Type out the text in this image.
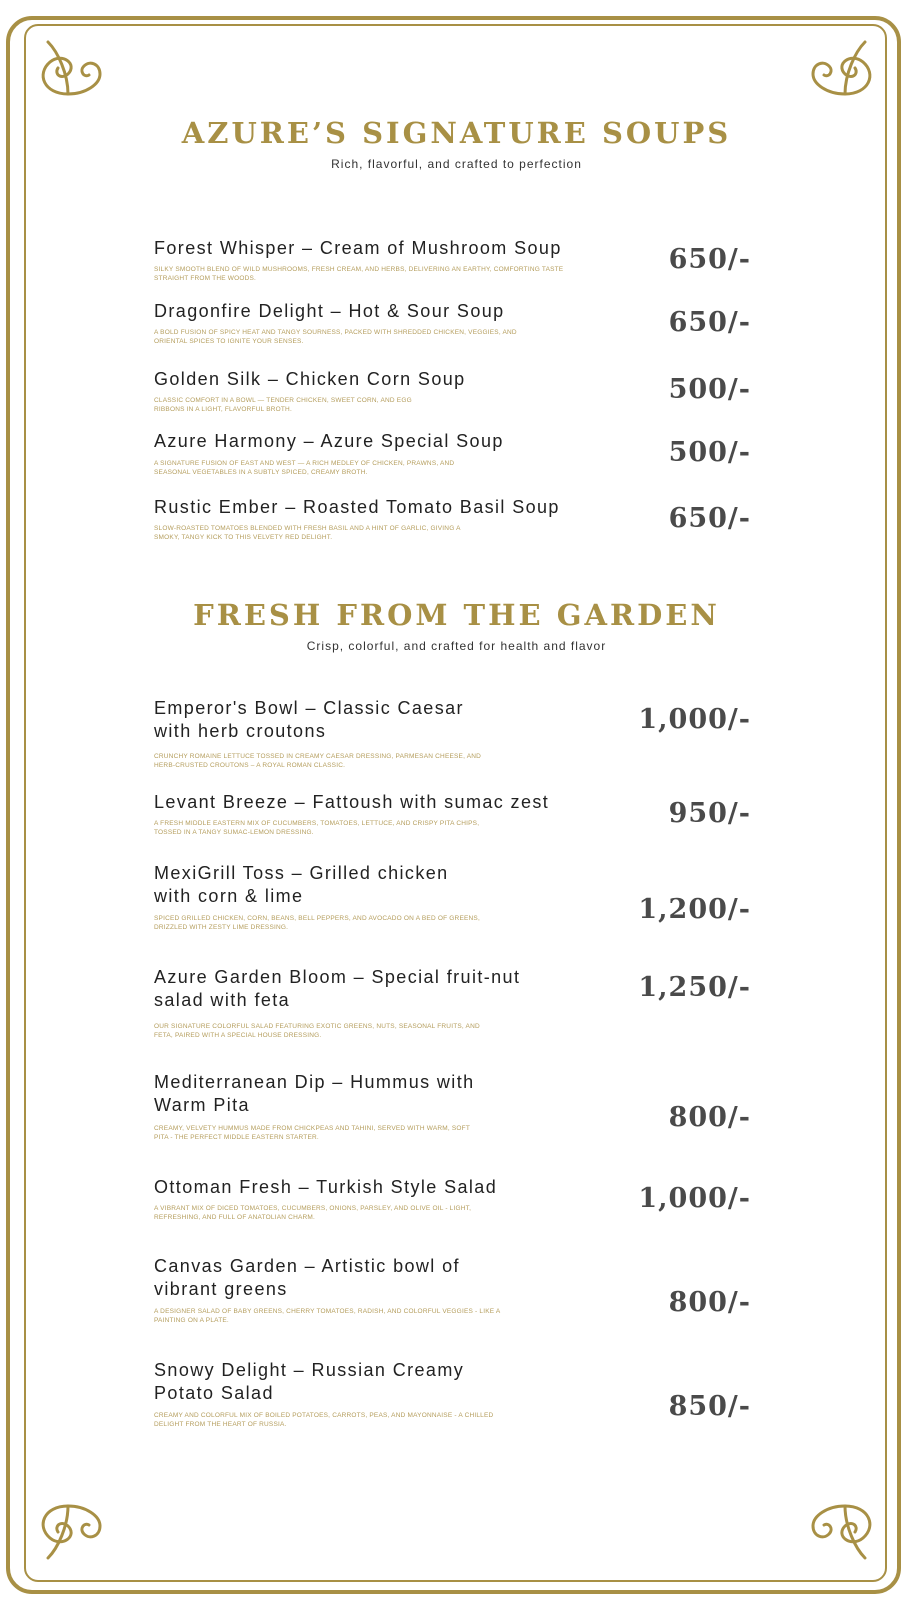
AZURE’S SIGNATURE SOUPS
Rich, flavorful, and crafted to perfection
Forest Whisper – Cream of Mushroom Soup
SILKY SMOOTH BLEND OF WILD MUSHROOMS, FRESH CREAM, AND HERBS, DELIVERING AN EARTHY, COMFORTING TASTE STRAIGHT FROM THE WOODS.
650/-
Dragonfire Delight – Hot & Sour Soup
A BOLD FUSION OF SPICY HEAT AND TANGY SOURNESS, PACKED WITH SHREDDED CHICKEN, VEGGIES, AND ORIENTAL SPICES TO IGNITE YOUR SENSES.
650/-
Golden Silk – Chicken Corn Soup
CLASSIC COMFORT IN A BOWL — TENDER CHICKEN, SWEET CORN, AND EGG RIBBONS IN A LIGHT, FLAVORFUL BROTH.
500/-
Azure Harmony – Azure Special Soup
A SIGNATURE FUSION OF EAST AND WEST — A RICH MEDLEY OF CHICKEN, PRAWNS, AND SEASONAL VEGETABLES IN A SUBTLY SPICED, CREAMY BROTH.
500/-
Rustic Ember – Roasted Tomato Basil Soup
SLOW-ROASTED TOMATOES BLENDED WITH FRESH BASIL AND A HINT OF GARLIC, GIVING A SMOKY, TANGY KICK TO THIS VELVETY RED DELIGHT.
650/-
FRESH FROM THE GARDEN
Crisp, colorful, and crafted for health and flavor
Emperor's Bowl – Classic Caesar with herb croutons
CRUNCHY ROMAINE LETTUCE TOSSED IN CREAMY CAESAR DRESSING, PARMESAN CHEESE, AND HERB-CRUSTED CROUTONS – A ROYAL ROMAN CLASSIC.
1,000/-
Levant Breeze – Fattoush with sumac zest
A FRESH MIDDLE EASTERN MIX OF CUCUMBERS, TOMATOES, LETTUCE, AND CRISPY PITA CHIPS, TOSSED IN A TANGY SUMAC-LEMON DRESSING.
950/-
MexiGrill Toss – Grilled chicken with corn & lime
SPICED GRILLED CHICKEN, CORN, BEANS, BELL PEPPERS, AND AVOCADO ON A BED OF GREENS, DRIZZLED WITH ZESTY LIME DRESSING.
1,200/-
Azure Garden Bloom – Special fruit-nut salad with feta
OUR SIGNATURE COLORFUL SALAD FEATURING EXOTIC GREENS, NUTS, SEASONAL FRUITS, AND FETA, PAIRED WITH A SPECIAL HOUSE DRESSING.
1,250/-
Mediterranean Dip – Hummus with Warm Pita
CREAMY, VELVETY HUMMUS MADE FROM CHICKPEAS AND TAHINI, SERVED WITH WARM, SOFT PITA - THE PERFECT MIDDLE EASTERN STARTER.
800/-
Ottoman Fresh – Turkish Style Salad
A VIBRANT MIX OF DICED TOMATOES, CUCUMBERS, ONIONS, PARSLEY, AND OLIVE OIL - LIGHT, REFRESHING, AND FULL OF ANATOLIAN CHARM.
1,000/-
Canvas Garden – Artistic bowl of vibrant greens
A DESIGNER SALAD OF BABY GREENS, CHERRY TOMATOES, RADISH, AND COLORFUL VEGGIES - LIKE A PAINTING ON A PLATE.
800/-
Snowy Delight – Russian Creamy Potato Salad
CREAMY AND COLORFUL MIX OF BOILED POTATOES, CARROTS, PEAS, AND MAYONNAISE - A CHILLED DELIGHT FROM THE HEART OF RUSSIA.
850/-
